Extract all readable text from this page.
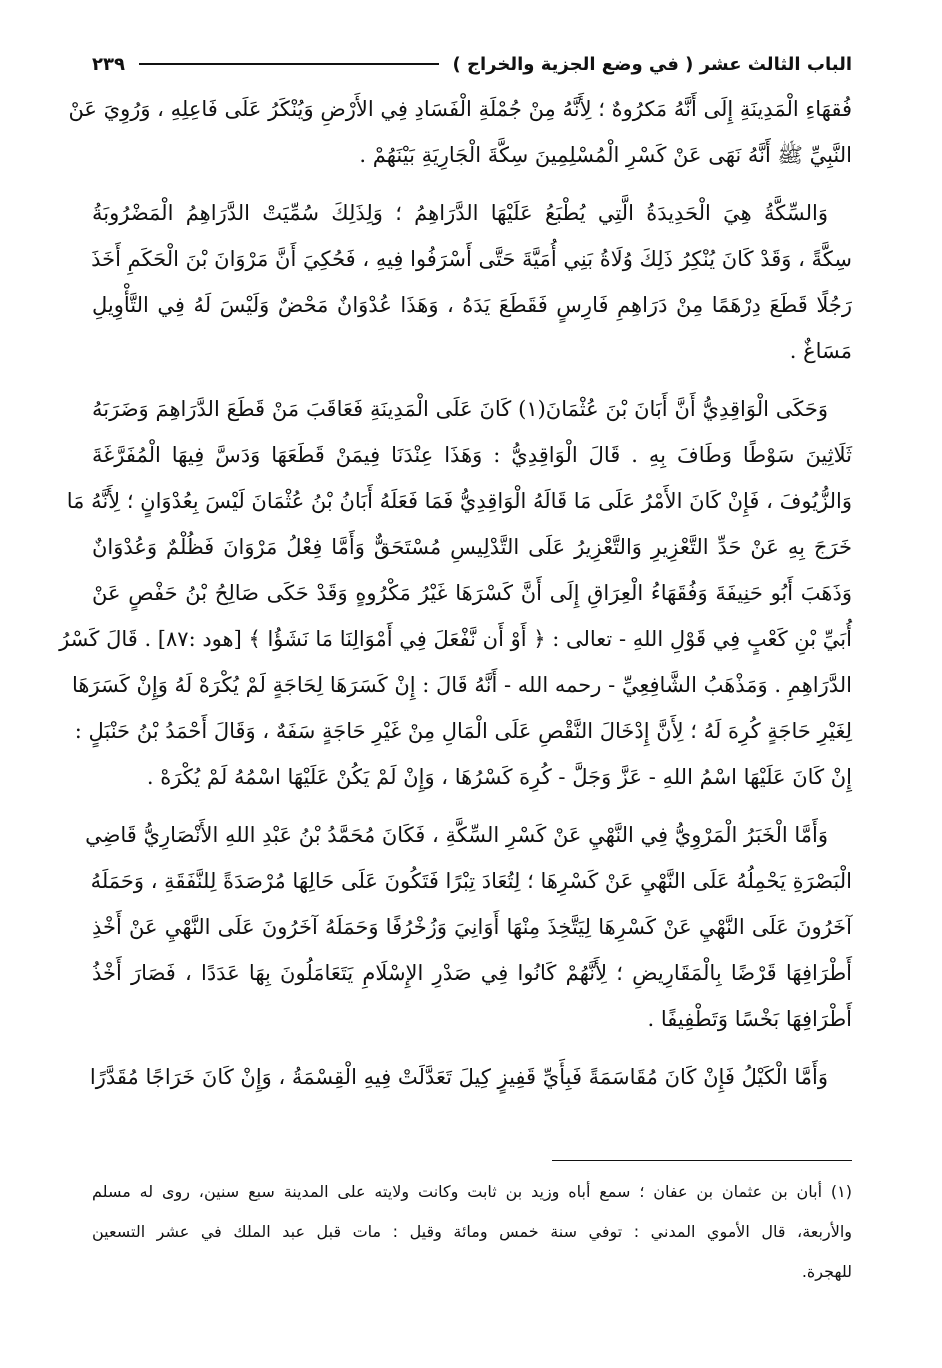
الباب الثالث عشر ( في وضع الجزية والخراج )
٢٣٩
فُقهَاءِ الْمَدِينَةِ إِلَى أَنَّهُ مَكرُوهٌ ؛ لِأَنَّهُ مِنْ جُمْلَةِ الْفَسَادِ فِي الأَرْضِ وَيُنْكَرُ عَلَى فَاعِلِهِ ، وَرُوِيَ عَنْ
النَّبِيِّ ﷺ أَنَّهُ نَهَى عَنْ كَسْرِ الْمُسْلِمِينَ سِكَّةَ الْجَارِيَةِ بَيْنَهُمْ .
وَالسِّكَّةُ هِيَ الْحَدِيدَةُ الَّتِي يُطْبَعُ عَلَيْهَا الدَّرَاهِمُ ؛ وَلِذَلِكَ سُمِّيَتْ الدَّرَاهِمُ الْمَضْرُوبَةُ
سِكَّةً ، وَقَدْ كَانَ يُنْكِرُ ذَلِكَ وُلَاةُ بَنِي أُمَيَّةَ حَتَّى أَسْرَفُوا فِيهِ ، فَحُكِيَ أَنَّ مَرْوَانَ بْنَ الْحَكَمِ أَخَذَ
رَجُلًا قَطَعَ دِرْهَمًا مِنْ دَرَاهِمِ فَارِسٍ فَقَطَعَ يَدَهُ ، وَهَذَا عُدْوَانٌ مَحْضٌ وَلَيْسَ لَهُ فِي التَّأْوِيلِ
مَسَاغٌ .
وَحَكَى الْوَاقِدِيُّ أَنَّ أَبَانَ بْنَ عُثْمَانَ(١) كَانَ عَلَى الْمَدِينَةِ فَعَاقَبَ مَنْ قَطَعَ الدَّرَاهِمَ وَضَرَبَهُ
ثَلَاثِينَ سَوْطًا وَطَافَ بِهِ . قَالَ الْوَاقِدِيُّ : وَهَذَا عِنْدَنَا فِيمَنْ قَطَعَهَا وَدَسَّ فِيهَا الْمُفَرَّغَةَ
وَالزُّيُوفَ ، فَإِنْ كَانَ الأَمْرُ عَلَى مَا قَالَهُ الْوَاقِدِيُّ فَمَا فَعَلَهُ أَبَانُ بْنُ عُثْمَانَ لَيْسَ بِعُدْوَانٍ ؛ لِأَنَّهُ مَا
خَرَجَ بِهِ عَنْ حَدِّ التَّعْزِيرِ وَالتَّعْزِيرُ عَلَى التَّدْلِيسِ مُسْتَحَقٌّ وَأَمَّا فِعْلُ مَرْوَانَ فَظُلْمٌ وَعُدْوَانٌ
وَذَهَبَ أَبُو حَنِيفَةَ وَفُقَهَاءُ الْعِرَاقِ إِلَى أَنَّ كَسْرَهَا غَيْرُ مَكْرُوهٍ وَقَدْ حَكَى صَالِحُ بْنُ حَفْصٍ عَنْ
أُبَيِّ بْنِ كَعْبٍ فِي قَوْلِ اللهِ - تعالى : ﴿ أَوْ أَن نَّفْعَلَ فِي أَمْوَالِنَا مَا نَشَؤُا ﴾ [هود :٨٧] . قَالَ كَسْرُ
الدَّرَاهِمِ . وَمَذْهَبُ الشَّافِعِيِّ - رحمه الله - أَنَّهُ قَالَ : إِنْ كَسَرَهَا لِحَاجَةٍ لَمْ يُكْرَهْ لَهُ وَإِنْ كَسَرَهَا
لِغَيْرِ حَاجَةٍ كُرِهَ لَهُ ؛ لِأَنَّ إِدْخَالَ النَّقْصِ عَلَى الْمَالِ مِنْ غَيْرِ حَاجَةٍ سَفَهٌ ، وَقَالَ أَحْمَدُ بْنُ حَنْبَلٍ :
إِنْ كَانَ عَلَيْهَا اسْمُ اللهِ - عَزَّ وَجَلَّ - كُرِهَ كَسْرُهَا ، وَإِنْ لَمْ يَكُنْ عَلَيْهَا اسْمُهُ لَمْ يُكْرَهْ .
وَأَمَّا الْخَبَرُ الْمَرْوِيُّ فِي النَّهْيِ عَنْ كَسْرِ السِّكَّةِ ، فَكَانَ مُحَمَّدُ بْنُ عَبْدِ اللهِ الأَنْصَارِيُّ قَاضِي
الْبَصْرَةِ يَحْمِلُهُ عَلَى النَّهْيِ عَنْ كَسْرِهَا ؛ لِتُعَادَ تِبْرًا فَتَكُونَ عَلَى حَالِهَا مُرْصَدَةً لِلنَّفَقَةِ ، وَحَمَلَهُ
آخَرُونَ عَلَى النَّهْيِ عَنْ كَسْرِهَا لِيَتَّخِذَ مِنْهَا أَوَانِيَ وَزُخْرُفًا وَحَمَلَهُ آخَرُونَ عَلَى النَّهْيِ عَنْ أَخْذِ
أَطْرَافِهَا قَرْضًا بِالْمَقَارِيضِ ؛ لِأَنَّهُمْ كَانُوا فِي صَدْرِ الإِسْلَامِ يَتَعَامَلُونَ بِهَا عَدَدًا ، فَصَارَ أَخْذُ
أَطْرَافِهَا بَخْسًا وَتَطْفِيفًا .
وَأَمَّا الْكَيْلُ فَإِنْ كَانَ مُقَاسَمَةً فَبِأَيِّ قَفِيزٍ كِيلَ تَعَدَّلَتْ فِيهِ الْقِسْمَةُ ، وَإِنْ كَانَ خَرَاجًا مُقَدَّرًا
(١) أبان بن عثمان بن عفان ؛ سمع أباه وزيد بن ثابت وكانت ولايته على المدينة سبع سنين، روى له مسلم
والأربعة، قال الأموي المدني : توفي سنة خمس ومائة وقيل : مات قبل عبد الملك في عشر التسعين
للهجرة.
